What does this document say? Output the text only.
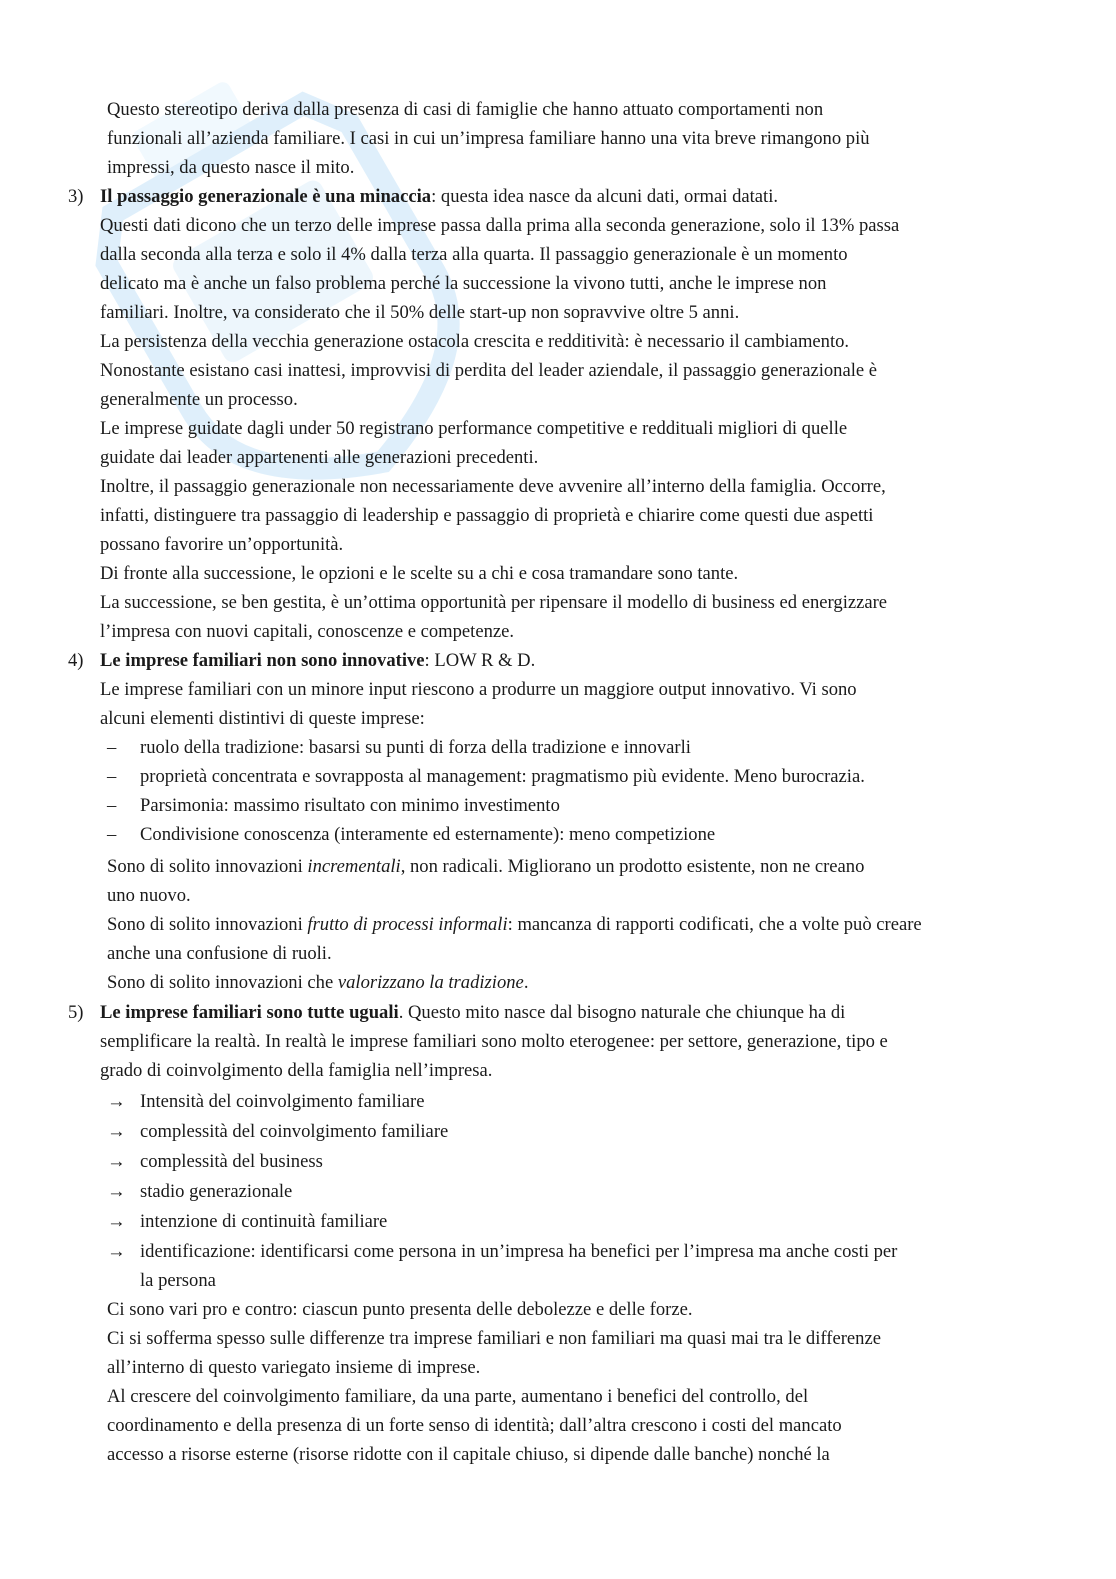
Questo stereotipo deriva dalla presenza di casi di famiglie che hanno attuato comportamenti non
funzionali all’azienda familiare. I casi in cui un’impresa familiare hanno una vita breve rimangono più
impressi, da questo nasce il mito.
3) Il passaggio generazionale è una minaccia: questa idea nasce da alcuni dati, ormai datati.
Questi dati dicono che un terzo delle imprese passa dalla prima alla seconda generazione, solo il 13% passa
dalla seconda alla terza e solo il 4% dalla terza alla quarta. Il passaggio generazionale è un momento
delicato ma è anche un falso problema perché la successione la vivono tutti, anche le imprese non
familiari. Inoltre, va considerato che il 50% delle start-up non sopravvive oltre 5 anni.
La persistenza della vecchia generazione ostacola crescita e redditività: è necessario il cambiamento.
Nonostante esistano casi inattesi, improvvisi di perdita del leader aziendale, il passaggio generazionale è
generalmente un processo.
Le imprese guidate dagli under 50 registrano performance competitive e reddituali migliori di quelle
guidate dai leader appartenenti alle generazioni precedenti.
Inoltre, il passaggio generazionale non necessariamente deve avvenire all’interno della famiglia. Occorre,
infatti, distinguere tra passaggio di leadership e passaggio di proprietà e chiarire come questi due aspetti
possano favorire un’opportunità.
Di fronte alla successione, le opzioni e le scelte su a chi e cosa tramandare sono tante.
La successione, se ben gestita, è un’ottima opportunità per ripensare il modello di business ed energizzare
l’impresa con nuovi capitali, conoscenze e competenze.
4) Le imprese familiari non sono innovative: LOW R & D.
Le imprese familiari con un minore input riescono a produrre un maggiore output innovativo. Vi sono
alcuni elementi distintivi di queste imprese:
– ruolo della tradizione: basarsi su punti di forza della tradizione e innovarli
– proprietà concentrata e sovrapposta al management: pragmatismo più evidente. Meno burocrazia.
– Parsimonia: massimo risultato con minimo investimento
– Condivisione conoscenza (interamente ed esternamente): meno competizione
Sono di solito innovazioni incrementali, non radicali. Migliorano un prodotto esistente, non ne creano
uno nuovo.
Sono di solito innovazioni frutto di processi informali: mancanza di rapporti codificati, che a volte può creare
anche una confusione di ruoli.
Sono di solito innovazioni che valorizzano la tradizione.
5) Le imprese familiari sono tutte uguali. Questo mito nasce dal bisogno naturale che chiunque ha di
semplificare la realtà. In realtà le imprese familiari sono molto eterogenee: per settore, generazione, tipo e
grado di coinvolgimento della famiglia nell’impresa.
→ Intensità del coinvolgimento familiare
→ complessità del coinvolgimento familiare
→ complessità del business
→ stadio generazionale
→ intenzione di continuità familiare
→ identificazione: identificarsi come persona in un’impresa ha benefici per l’impresa ma anche costi per
la persona
Ci sono vari pro e contro: ciascun punto presenta delle debolezze e delle forze.
Ci si sofferma spesso sulle differenze tra imprese familiari e non familiari ma quasi mai tra le differenze
all’interno di questo variegato insieme di imprese.
Al crescere del coinvolgimento familiare, da una parte, aumentano i benefici del controllo, del
coordinamento e della presenza di un forte senso di identità; dall’altra crescono i costi del mancato
accesso a risorse esterne (risorse ridotte con il capitale chiuso, si dipende dalle banche) nonché la
